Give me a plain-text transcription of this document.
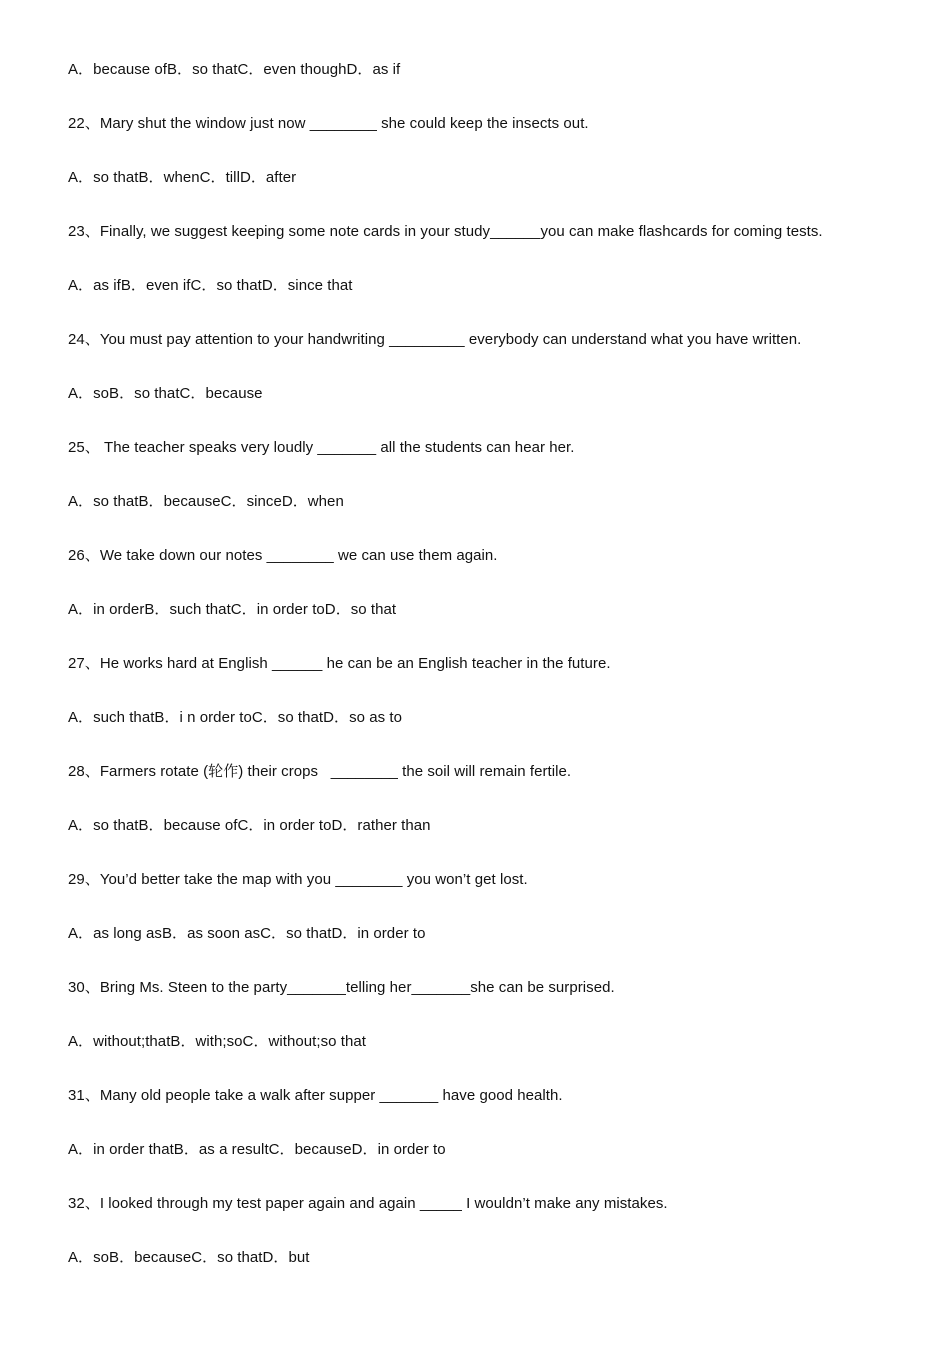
A．because ofB．so thatC．even thoughD．as if
22、Mary shut the window just now ________ she could keep the insects out.
A．so thatB．whenC．tillD．after
23、Finally, we suggest keeping some note cards in your study______you can make flashcards for coming tests.
A．as ifB．even ifC．so thatD．since that
24、You must pay attention to your handwriting _________ everybody can understand what you have written.
A．soB．so thatC．because
25、 The teacher speaks very loudly _______ all the students can hear her.
A．so thatB．becauseC．sinceD．when
26、We take down our notes ________ we can use them again.
A．in orderB．such thatC．in order toD．so that
27、He works hard at English ______ he can be an English teacher in the future.
A．such thatB．i n order toC．so thatD．so as to
28、Farmers rotate (轮作) their crops   ________ the soil will remain fertile.
A．so thatB．because ofC．in order toD．rather than
29、You’d better take the map with you ________ you won’t get lost.
A．as long asB．as soon asC．so thatD．in order to
30、Bring Ms. Steen to the party_______telling her_______she can be surprised.
A．without;thatB．with;soC．without;so that
31、Many old people take a walk after supper _______ have good health.
A．in order thatB．as a resultC．becauseD．in order to
32、I looked through my test paper again and again _____ I wouldn’t make any mistakes.
A．soB．becauseC．so thatD．but
